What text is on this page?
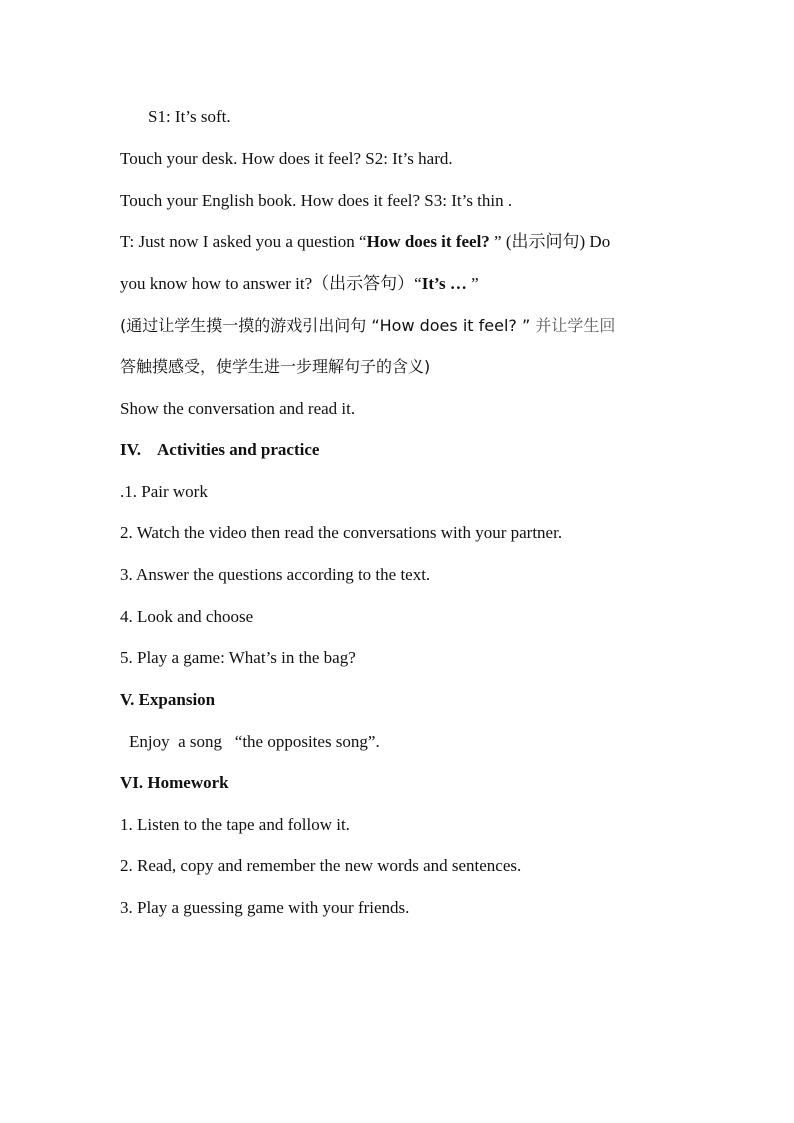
S1: It’s soft.
Touch your desk. How does it feel? S2: It’s hard.
Touch your English book. How does it feel? S3: It’s thin .
T: Just now I asked you a question “How does it feel? ” (出示问句) Do
you know how to answer it?（出示答句）“It’s … ”
(通过让学生摸一摸的游戏引出问句 “How does it feel? ” 并让学生回
答触摸感受，使学生进一步理解句子的含义)
Show the conversation and read it.
IV.    Activities and practice
.1. Pair work
2. Watch the video then read the conversations with your partner.
3. Answer the questions according to the text.
4. Look and choose
5. Play a game: What’s in the bag?
V. Expansion
Enjoy  a song   “the opposites song”.
VI. Homework
1. Listen to the tape and follow it.
2. Read, copy and remember the new words and sentences.
3. Play a guessing game with your friends.
